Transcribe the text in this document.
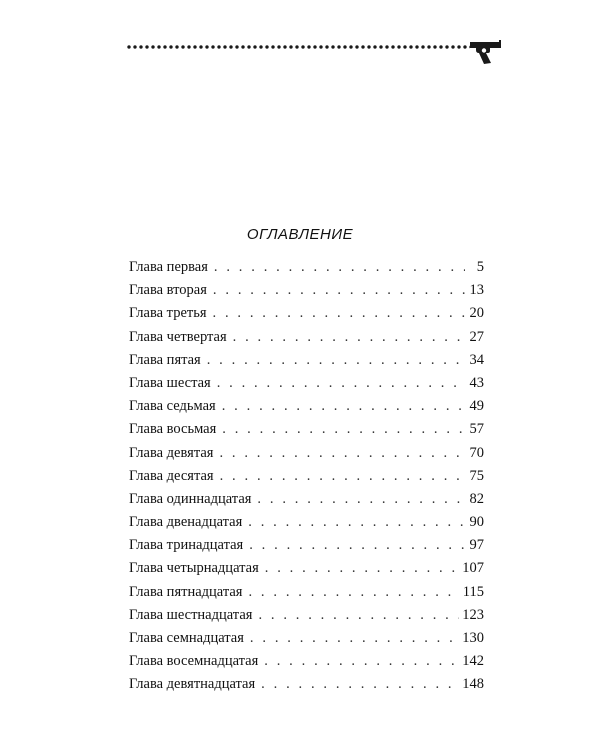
ОГЛАВЛЕНИЕ
Глава первая . . .	5
Глава вторая . . .	13
Глава третья . . .	20
Глава четвертая . . .	27
Глава пятая . . .	34
Глава шестая . . .	43
Глава седьмая . . .	49
Глава восьмая . . .	57
Глава девятая . . .	70
Глава десятая . . .	75
Глава одиннадцатая . . .	82
Глава двенадцатая . . .	90
Глава тринадцатая . . .	97
Глава четырнадцатая . . .	107
Глава пятнадцатая . . .	115
Глава шестнадцатая . . .	123
Глава семнадцатая . . .	130
Глава восемнадцатая . . .	142
Глава девятнадцатая . . .	148
